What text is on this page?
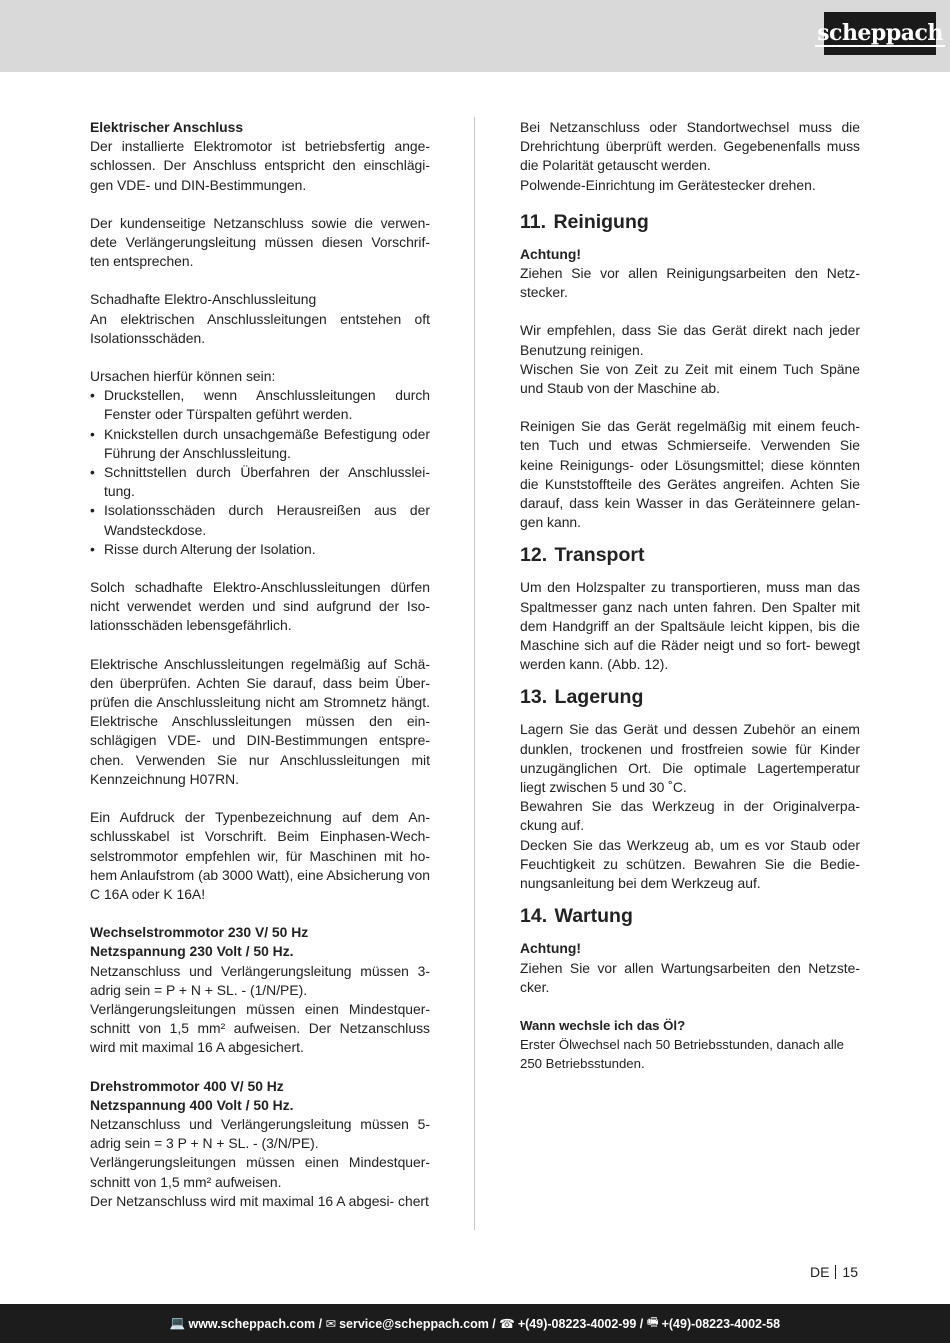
scheppach

Elektrischer Anschluss

Der installierte Elektromotor ist betriebsfertig ange- schlossen. Der Anschluss entspricht den einschlägi- gen VDE- und DIN-Bestimmungen.

Der kundenseitige Netzanschluss sowie die verwen- dete Verlängerungsleitung müssen diesen Vorschrif- ten entsprechen.

Schadhafte Elektro-Anschlussleitung

An elektrischen Anschlussleitungen entstehen oft Isolationsschäden.

Ursachen hierfür können sein:

• Druckstellen, wenn Anschlussleitungen durch Fenster oder Türspalten geführt werden.
• Knickstellen durch unsachgemäße Befestigung oder Führung der Anschlussleitung.
• Schnittstellen durch Überfahren der Anschlusslei- tung.
• Isolationsschäden durch Herausreißen aus der Wandsteckdose.
• Risse durch Alterung der Isolation.

Solch schadhafte Elektro-Anschlussleitungen dürfen nicht verwendet werden und sind aufgrund der Iso- lationsschäden lebensgefährlich.

Elektrische Anschlussleitungen regelmäßig auf Schä- den überprüfen. Achten Sie darauf, dass beim Über- prüfen die Anschlussleitung nicht am Stromnetz hängt. Elektrische Anschlussleitungen müssen den ein- schlägigen VDE- und DIN-Bestimmungen entspre- chen. Verwenden Sie nur Anschlussleitungen mit Kennzeichnung H07RN.

Ein Aufdruck der Typenbezeichnung auf dem An- schlusskabel ist Vorschrift. Beim Einphasen-Wech- selstrommotor empfehlen wir, für Maschinen mit ho- hem Anlaufstrom (ab 3000 Watt), eine Absicherung von C 16A oder K 16A!

Wechselstrommotor 230 V/ 50 Hz

Netzspannung 230 Volt / 50 Hz.

Netzanschluss und Verlängerungsleitung müssen 3-adrig sein = P + N + SL. - (1/N/PE).

Verlängerungsleitungen müssen einen Mindestquer- schnitt von 1,5 mm² aufweisen. Der Netzanschluss wird mit maximal 16 A abgesichert.

Drehstrommotor 400 V/ 50 Hz

Netzspannung 400 Volt / 50 Hz.

Netzanschluss und Verlängerungsleitung müssen 5-adrig sein = 3 P + N + SL. - (3/N/PE).

Verlängerungsleitungen müssen einen Mindestquer- schnitt von 1,5 mm² aufweisen.

Der Netzanschluss wird mit maximal 16 A abgesi- chert

Bei Netzanschluss oder Standortwechsel muss die Drehrichtung überprüft werden. Gegebenenfalls muss die Polarität getauscht werden.

Polwende-Einrichtung im Gerätestecker drehen.

11. Reinigung

Achtung!

Ziehen Sie vor allen Reinigungsarbeiten den Netz- stecker.

Wir empfehlen, dass Sie das Gerät direkt nach jeder Benutzung reinigen.

Wischen Sie von Zeit zu Zeit mit einem Tuch Späne und Staub von der Maschine ab.

Reinigen Sie das Gerät regelmäßig mit einem feuch- ten Tuch und etwas Schmierseife. Verwenden Sie keine Reinigungs- oder Lösungsmittel; diese könnten die Kunststoffteile des Gerätes angreifen. Achten Sie darauf, dass kein Wasser in das Geräteinnere gelan- gen kann.

12. Transport

Um den Holzspalter zu transportieren, muss man das Spaltmesser ganz nach unten fahren. Den Spalter mit dem Handgriff an der Spaltsäule leicht kippen, bis die Maschine sich auf die Räder neigt und so fort- bewegt werden kann. (Abb. 12).

13. Lagerung

Lagern Sie das Gerät und dessen Zubehör an einem dunklen, trockenen und frostfreien sowie für Kinder unzugänglichen Ort. Die optimale Lagertemperatur liegt zwischen 5 und 30 ˚C.

Bewahren Sie das Werkzeug in der Originalverpa- ckung auf.

Decken Sie das Werkzeug ab, um es vor Staub oder Feuchtigkeit zu schützen. Bewahren Sie die Bedie- nungsanleitung bei dem Werkzeug auf.

14. Wartung

Achtung!

Ziehen Sie vor allen Wartungsarbeiten den Netzste- cker.

Wann wechsle ich das Öl?

Erster Ölwechsel nach 50 Betriebsstunden, danach alle 250 Betriebsstunden.

DE 15
💻 www.scheppach.com /
✉ service@scheppach.com /
☎ +(49)-08223-4002-99 /
🖷 +(49)-08223-4002-58
